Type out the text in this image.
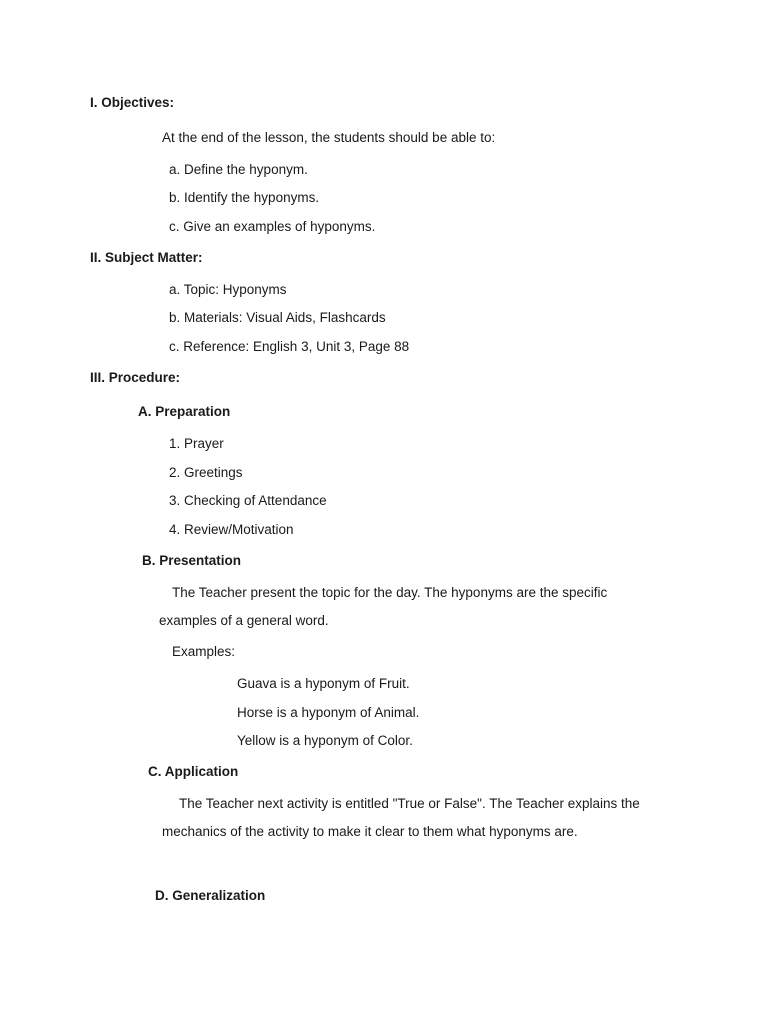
I. Objectives:

At the end of the lesson, the students should be able to:

a. Define the hyponym.

b. Identify the hyponyms.

c. Give an examples of hyponyms.

II. Subject Matter:

a. Topic: Hyponyms

b. Materials: Visual Aids, Flashcards

c. Reference: English 3, Unit 3, Page 88

III. Procedure:

A. Preparation

1. Prayer

2. Greetings

3. Checking of Attendance

4. Review/Motivation

B. Presentation

The Teacher present the topic for the day. The hyponyms are the specific

examples of a general word.

Examples:

Guava is a hyponym of Fruit.

Horse is a hyponym of Animal.

Yellow is a hyponym of Color.

C. Application

The Teacher next activity is entitled "True or False". The Teacher explains the

mechanics of the activity to make it clear to them what hyponyms are.

D. Generalization
